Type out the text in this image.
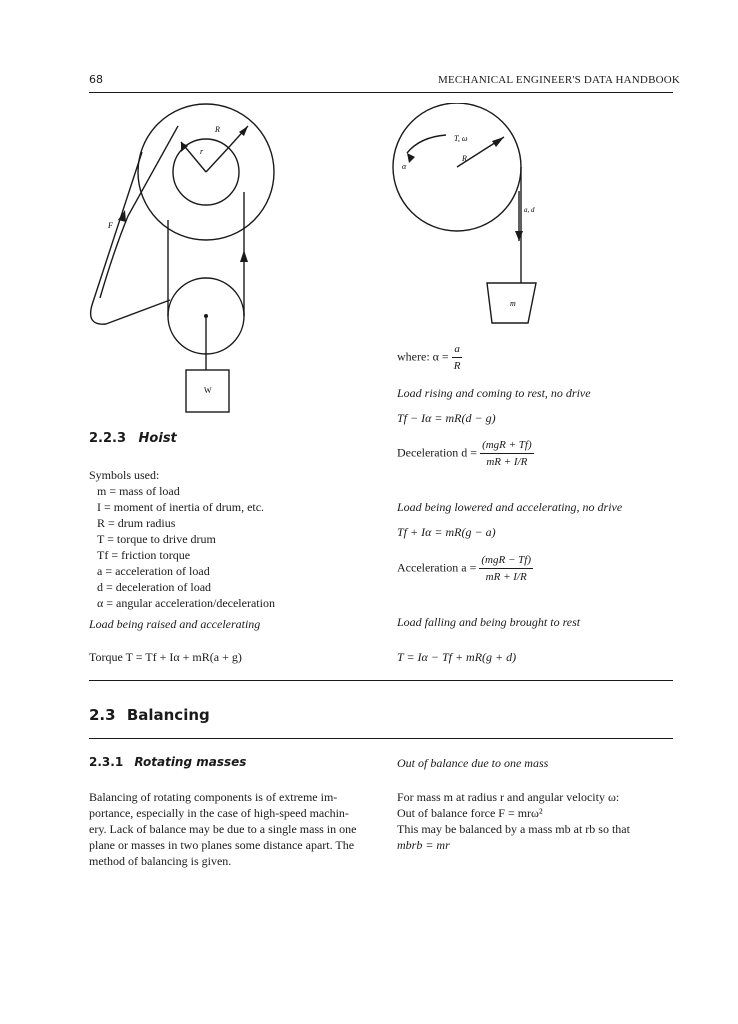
68	MECHANICAL ENGINEER'S DATA HANDBOOK
R
r
F
W
T, ω
R
α
a, d
m
where: $\alpha = \frac{a}{R}$
2.2.3 Hoist
Symbols used:
m = mass of load
I = moment of inertia of drum, etc.
R = drum radius
T = torque to drive drum
Tf = friction torque
a = acceleration of load
d = deceleration of load
α = angular acceleration/deceleration
Load being raised and accelerating
Torque T = Tf + Iα + mR(a + g)
Load rising and coming to rest, no drive
Tf − Iα = mR(d − g)
Deceleration $d = \frac{\text{(mgR + Tf)}}{mR + I/R}$
Load being lowered and accelerating, no drive
Tf + Iα = mR(g − a)
Acceleration $a = \frac{\text{(mgR − Tf)}}{mR + I/R}$
Load falling and being brought to rest
T = Iα − Tf + mR(g + d)
2.3 Balancing
2.3.1 Rotating masses
Balancing of rotating components is of extreme im-
portance, especially in the case of high-speed machin-
ery. Lack of balance may be due to a single mass in one
plane or masses in two planes some distance apart. The
method of balancing is given.
Out of balance due to one mass
For mass m at radius r and angular velocity ω:
Out of balance force F = mrω²
This may be balanced by a mass mb at rb so that
mbrb = mr
